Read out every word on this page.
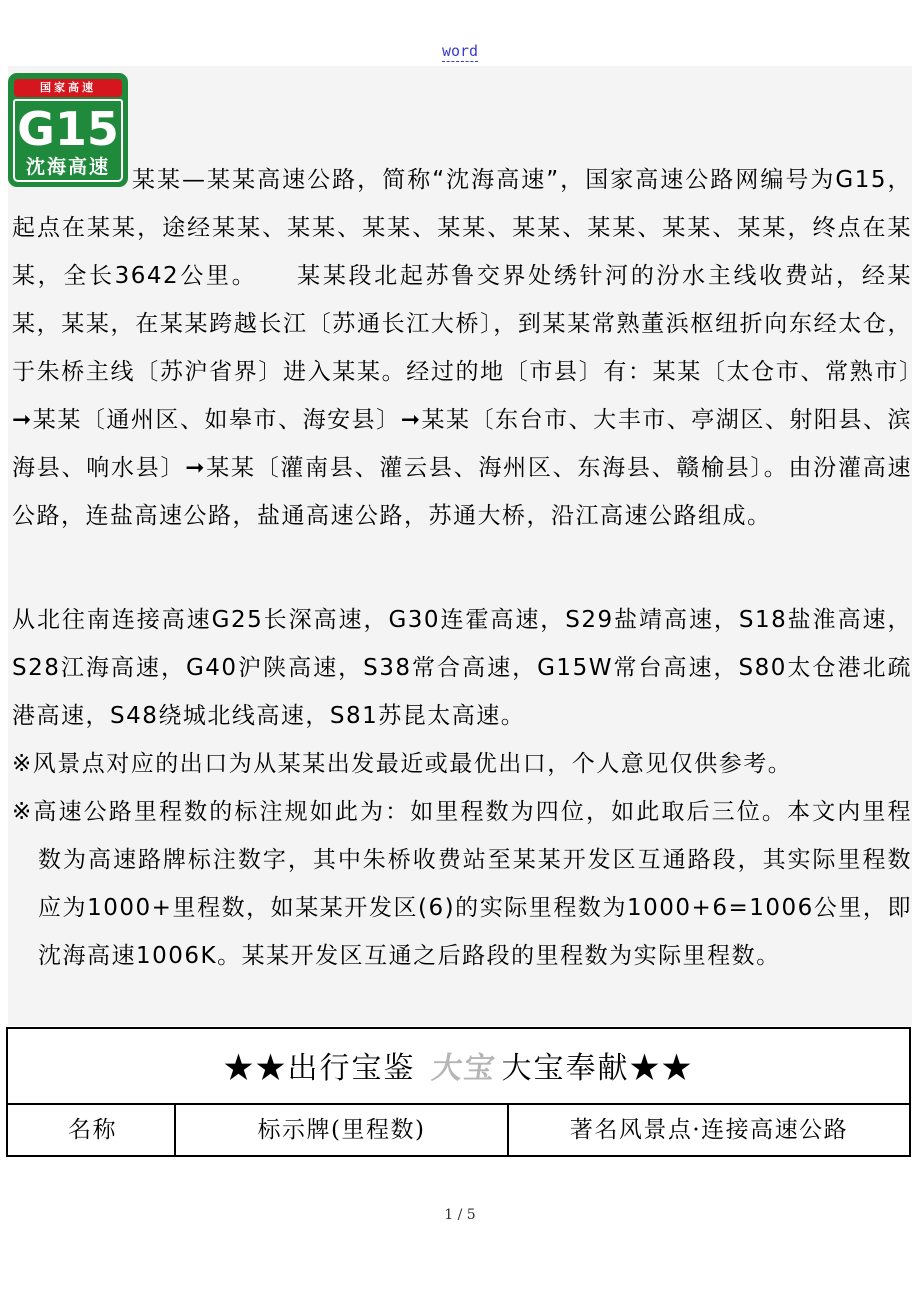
word
国家高速
G15
沈海高速 某某—某某高速公路，简称“沈海高速”，国家高速公路网编号为G15，起点在某某，途经某某、某某、某某、某某、某某、某某、某某、某某，终点在某某，全长3642公里。　　某某段北起苏鲁交界处绣针河的汾水主线收费站，经某某，某某，在某某跨越长江〔苏通长江大桥〕，到某某常熟董浜枢纽折向东经太仓，于朱桥主线〔苏沪省界〕进入某某。经过的地〔市县〕有：某某〔太仓市、常熟市〕➞某某〔通州区、如皋市、海安县〕➞某某〔东台市、大丰市、亭湖区、射阳县、滨海县、响水县〕➞某某〔灌南县、灌云县、海州区、东海县、赣榆县〕。由汾灌高速公路，连盐高速公路，盐通高速公路，苏通大桥，沿江高速公路组成。
从北往南连接高速G25长深高速，G30连霍高速，S29盐靖高速，S18盐淮高速，S28江海高速，G40沪陕高速，S38常合高速，G15W常台高速，S80太仓港北疏港高速，S48绕城北线高速，S81苏昆太高速。
※风景点对应的出口为从某某出发最近或最优出口，个人意见仅供参考。
※高速公路里程数的标注规如此为：如里程数为四位，如此取后三位。本文内里程数为高速路牌标注数字，其中朱桥收费站至某某开发区互通路段，其实际里程数应为1000+里程数，如某某开发区(6)的实际里程数为1000+6=1006公里，即沈海高速1006K。某某开发区互通之后路段的里程数为实际里程数。
★★出行宝鉴 大宝 大宝奉献★★
名称	标示牌(里程数)	著名风景点·连接高速公路
1 / 5
